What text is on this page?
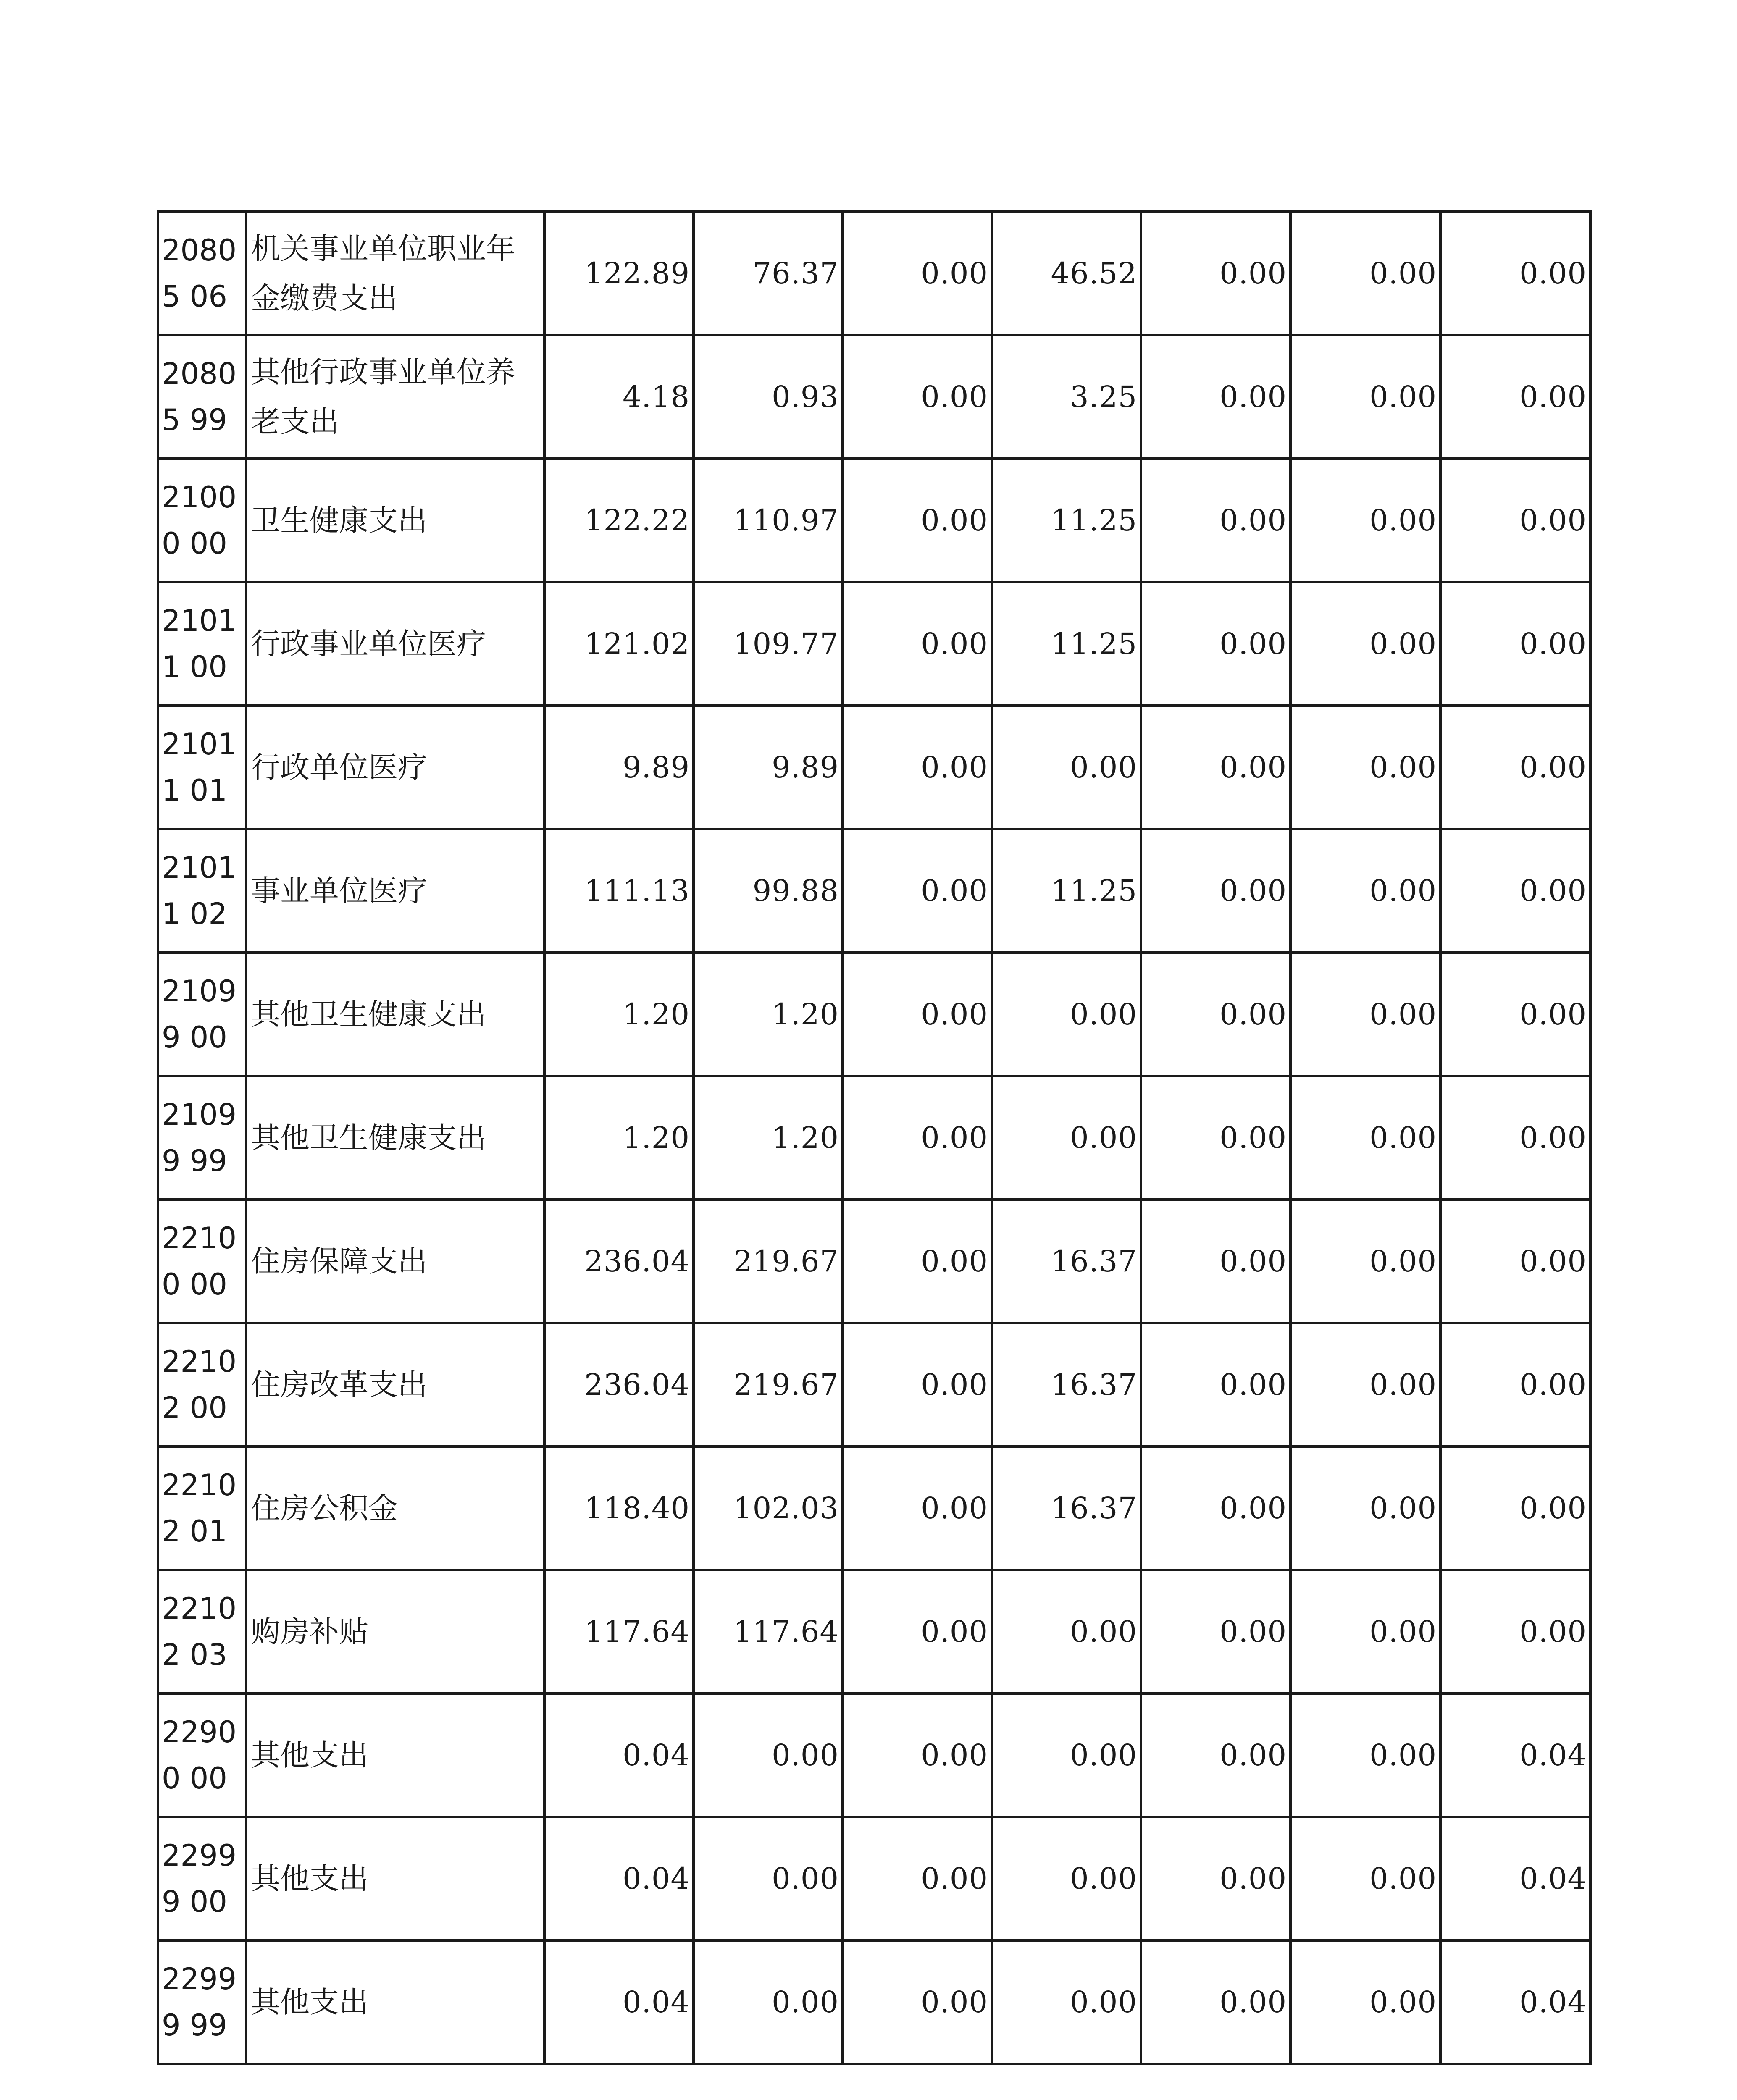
20805 06	机关事业单位职业年金缴费支出	122.89	76.37	0.00	46.52	0.00	0.00	0.00
20805 99	其他行政事业单位养老支出	4.18	0.93	0.00	3.25	0.00	0.00	0.00
21000 00	卫生健康支出	122.22	110.97	0.00	11.25	0.00	0.00	0.00
21011 00	行政事业单位医疗	121.02	109.77	0.00	11.25	0.00	0.00	0.00
21011 01	行政单位医疗	9.89	9.89	0.00	0.00	0.00	0.00	0.00
21011 02	事业单位医疗	111.13	99.88	0.00	11.25	0.00	0.00	0.00
21099 00	其他卫生健康支出	1.20	1.20	0.00	0.00	0.00	0.00	0.00
21099 99	其他卫生健康支出	1.20	1.20	0.00	0.00	0.00	0.00	0.00
22100 00	住房保障支出	236.04	219.67	0.00	16.37	0.00	0.00	0.00
22102 00	住房改革支出	236.04	219.67	0.00	16.37	0.00	0.00	0.00
22102 01	住房公积金	118.40	102.03	0.00	16.37	0.00	0.00	0.00
22102 03	购房补贴	117.64	117.64	0.00	0.00	0.00	0.00	0.00
22900 00	其他支出	0.04	0.00	0.00	0.00	0.00	0.00	0.04
22999 00	其他支出	0.04	0.00	0.00	0.00	0.00	0.00	0.04
22999 99	其他支出	0.04	0.00	0.00	0.00	0.00	0.00	0.04
